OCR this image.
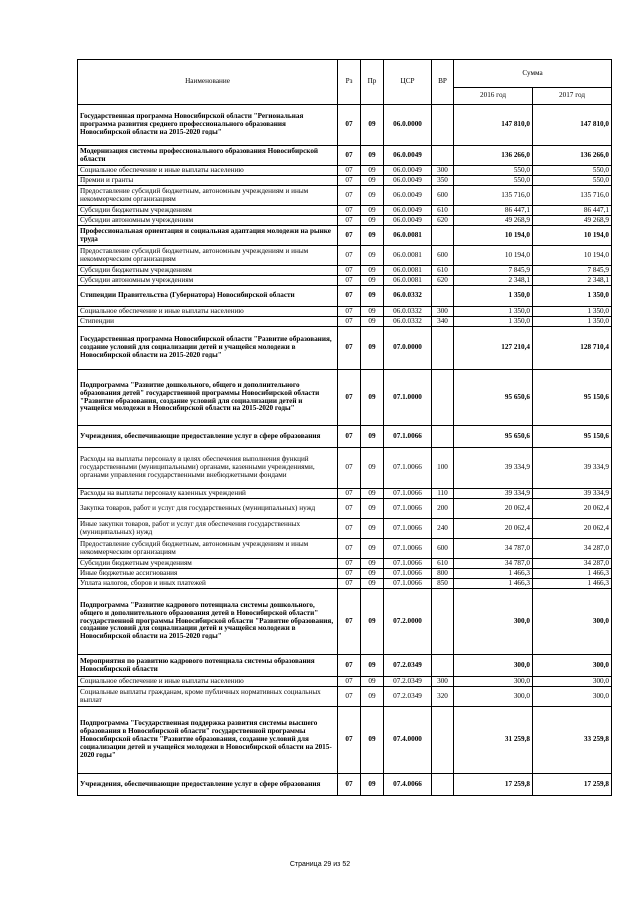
Наименование	Рз	Пр	ЦСР	ВР	Сумма	
					2016 год	2017 год
Государственная программа Новосибирской области "Региональная программа развития среднего профессионального образования Новосибирской области на 2015-2020 годы"	07	09	06.0.0000		147 810,0	147 810,0
Модернизация системы профессионального образования Новосибирской области	07	09	06.0.0049		136 266,0	136 266,0
Социальное обеспечение и иные выплаты населению	07	09	06.0.0049	300	550,0	550,0
Премии и гранты	07	09	06.0.0049	350	550,0	550,0
Предоставление субсидий бюджетным, автономным учреждениям и иным некоммерческим организациям	07	09	06.0.0049	600	135 716,0	135 716,0
Субсидии бюджетным учреждениям	07	09	06.0.0049	610	86 447,1	86 447,1
Субсидии автономным учреждениям	07	09	06.0.0049	620	49 268,9	49 268,9
Профессиональная ориентация и социальная адаптация молодежи на рынке труда	07	09	06.0.0081		10 194,0	10 194,0
Предоставление субсидий бюджетным, автономным учреждениям и иным некоммерческим организациям	07	09	06.0.0081	600	10 194,0	10 194,0
Субсидии бюджетным учреждениям	07	09	06.0.0081	610	7 845,9	7 845,9
Субсидии автономным учреждениям	07	09	06.0.0081	620	2 348,1	2 348,1
Стипендии Правительства (Губернатора) Новосибирской области	07	09	06.0.0332		1 350,0	1 350,0
Социальное обеспечение и иные выплаты населению	07	09	06.0.0332	300	1 350,0	1 350,0
Стипендии	07	09	06.0.0332	340	1 350,0	1 350,0
Государственная программа Новосибирской области "Развитие образования, создание условий для социализации детей и учащейся молодежи в Новосибирской области на 2015-2020 годы"	07	09	07.0.0000		127 210,4	128 710,4
Подпрограмма "Развитие дошкольного, общего и дополнительного образования детей" государственной программы Новосибирской области "Развитие образования, создание условий для социализации детей и учащейся молодежи в Новосибирской области на 2015-2020 годы"	07	09	07.1.0000		95 650,6	95 150,6
Учреждения, обеспечивающие предоставление услуг в сфере образования	07	09	07.1.0066		95 650,6	95 150,6
Расходы на выплаты персоналу в целях обеспечения выполнения функций государственными (муниципальными) органами, казенными учреждениями, органами управления государственными внебюджетными фондами	07	09	07.1.0066	100	39 334,9	39 334,9
Расходы на выплаты персоналу казенных учреждений	07	09	07.1.0066	110	39 334,9	39 334,9
Закупка товаров, работ и услуг для государственных (муниципальных) нужд	07	09	07.1.0066	200	20 062,4	20 062,4
Иные закупки товаров, работ и услуг для обеспечения государственных (муниципальных) нужд	07	09	07.1.0066	240	20 062,4	20 062,4
Предоставление субсидий бюджетным, автономным учреждениям и иным некоммерческим организациям	07	09	07.1.0066	600	34 787,0	34 287,0
Субсидии бюджетным учреждениям	07	09	07.1.0066	610	34 787,0	34 287,0
Иные бюджетные ассигнования	07	09	07.1.0066	800	1 466,3	1 466,3
Уплата налогов, сборов и иных платежей	07	09	07.1.0066	850	1 466,3	1 466,3
Подпрограмма "Развитие кадрового потенциала системы дошкольного, общего и дополнительного образования детей в Новосибирской области" государственной программы Новосибирской области "Развитие образования, создание условий для социализации детей и учащейся молодежи в Новосибирской области на 2015-2020 годы"	07	09	07.2.0000		300,0	300,0
Мероприятия по развитию кадрового потенциала системы образования Новосибирской области	07	09	07.2.0349		300,0	300,0
Социальное обеспечение и иные выплаты населению	07	09	07.2.0349	300	300,0	300,0
Социальные выплаты гражданам, кроме публичных нормативных социальных выплат	07	09	07.2.0349	320	300,0	300,0
Подпрограмма "Государственная поддержка развития системы высшего образования в Новосибирской области" государственной программы Новосибирской области "Развитие образования, создание условий для социализации детей и учащейся молодежи в Новосибирской области на 2015-2020 годы"	07	09	07.4.0000		31 259,8	33 259,8
Учреждения, обеспечивающие предоставление услуг в сфере образования	07	09	07.4.0066		17 259,8	17 259,8
Страница 29 из 52
